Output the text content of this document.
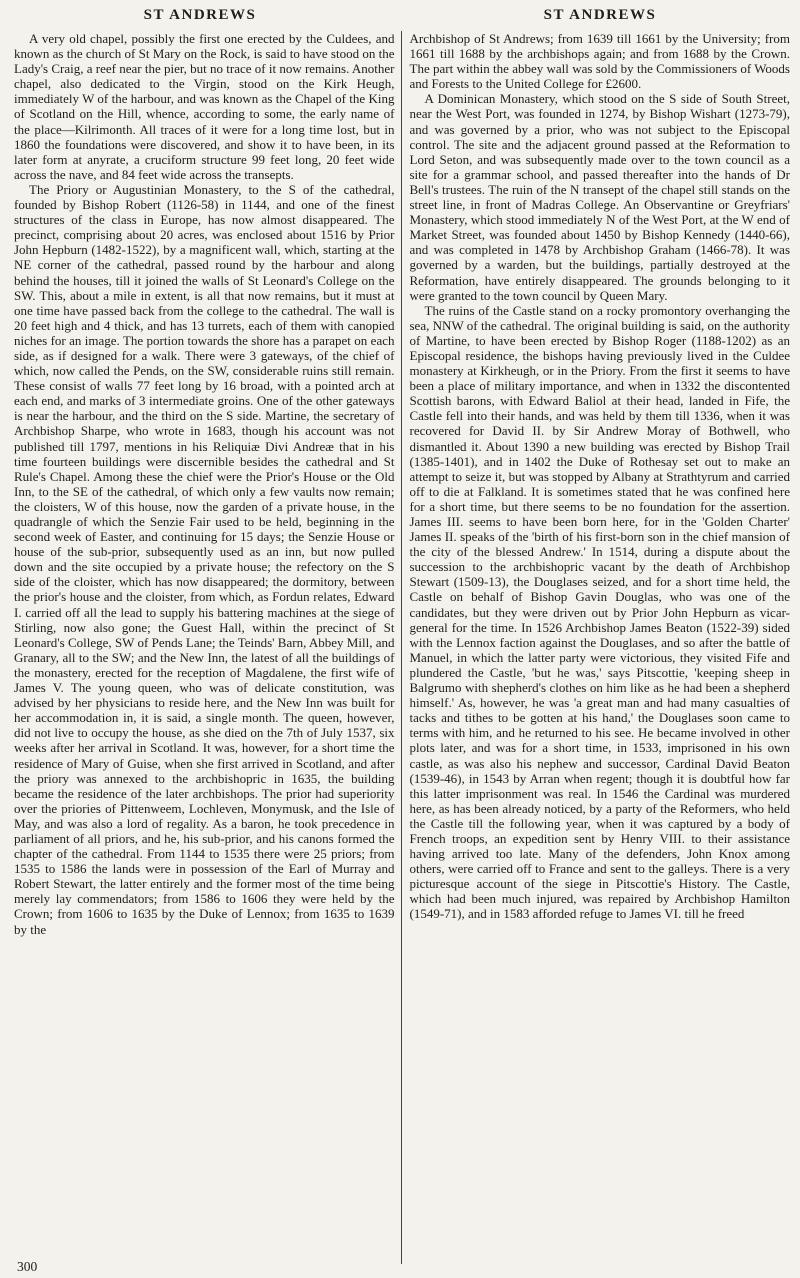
ST ANDREWS	ST ANDREWS

A very old chapel, possibly the first one erected by the Culdees, and known as the church of St Mary on the Rock, is said to have stood on the Lady's Craig, a reef near the pier, but no trace of it now remains. Another chapel, also dedicated to the Virgin, stood on the Kirk Heugh, immediately W of the harbour, and was known as the Chapel of the King of Scotland on the Hill, whence, according to some, the early name of the place—Kilrimonth. All traces of it were for a long time lost, but in 1860 the foundations were discovered, and show it to have been, in its later form at anyrate, a cruciform structure 99 feet long, 20 feet wide across the nave, and 84 feet wide across the transepts.

The Priory or Augustinian Monastery, to the S of the cathedral, founded by Bishop Robert (1126-58) in 1144, and one of the finest structures of the class in Europe, has now almost disappeared. The precinct, comprising about 20 acres, was enclosed about 1516 by Prior John Hepburn (1482-1522), by a magnificent wall, which, starting at the NE corner of the cathedral, passed round by the harbour and along behind the houses, till it joined the walls of St Leonard's College on the SW. This, about a mile in extent, is all that now remains, but it must at one time have passed back from the college to the cathedral. The wall is 20 feet high and 4 thick, and has 13 turrets, each of them with canopied niches for an image. The portion towards the shore has a parapet on each side, as if designed for a walk. There were 3 gateways, of the chief of which, now called the Pends, on the SW, considerable ruins still remain. These consist of walls 77 feet long by 16 broad, with a pointed arch at each end, and marks of 3 intermediate groins. One of the other gateways is near the harbour, and the third on the S side. Martine, the secretary of Archbishop Sharpe, who wrote in 1683, though his account was not published till 1797, mentions in his Reliquiæ Divi Andreæ that in his time fourteen buildings were discernible besides the cathedral and St Rule's Chapel. Among these the chief were the Prior's House or the Old Inn, to the SE of the cathedral, of which only a few vaults now remain; the cloisters, W of this house, now the garden of a private house, in the quadrangle of which the Senzie Fair used to be held, beginning in the second week of Easter, and continuing for 15 days; the Senzie House or house of the sub-prior, subsequently used as an inn, but now pulled down and the site occupied by a private house; the refectory on the S side of the cloister, which has now disappeared; the dormitory, between the prior's house and the cloister, from which, as Fordun relates, Edward I. carried off all the lead to supply his battering machines at the siege of Stirling, now also gone; the Guest Hall, within the precinct of St Leonard's College, SW of Pends Lane; the Teinds' Barn, Abbey Mill, and Granary, all to the SW; and the New Inn, the latest of all the buildings of the monastery, erected for the reception of Magdalene, the first wife of James V. The young queen, who was of delicate constitution, was advised by her physicians to reside here, and the New Inn was built for her accommodation in, it is said, a single month. The queen, however, did not live to occupy the house, as she died on the 7th of July 1537, six weeks after her arrival in Scotland. It was, however, for a short time the residence of Mary of Guise, when she first arrived in Scotland, and after the priory was annexed to the archbishopric in 1635, the building became the residence of the later archbishops. The prior had superiority over the priories of Pittenweem, Lochleven, Monymusk, and the Isle of May, and was also a lord of regality. As a baron, he took precedence in parliament of all priors, and he, his sub-prior, and his canons formed the chapter of the cathedral. From 1144 to 1535 there were 25 priors; from 1535 to 1586 the lands were in possession of the Earl of Murray and Robert Stewart, the latter entirely and the former most of the time being merely lay commendators; from 1586 to 1606 they were held by the Crown; from 1606 to 1635 by the Duke of Lennox; from 1635 to 1639 by the

Archbishop of St Andrews; from 1639 till 1661 by the University; from 1661 till 1688 by the archbishops again; and from 1688 by the Crown. The part within the abbey wall was sold by the Commissioners of Woods and Forests to the United College for £2600.

A Dominican Monastery, which stood on the S side of South Street, near the West Port, was founded in 1274, by Bishop Wishart (1273-79), and was governed by a prior, who was not subject to the Episcopal control. The site and the adjacent ground passed at the Reformation to Lord Seton, and was subsequently made over to the town council as a site for a grammar school, and passed thereafter into the hands of Dr Bell's trustees. The ruin of the N transept of the chapel still stands on the street line, in front of Madras College. An Observantine or Greyfriars' Monastery, which stood immediately N of the West Port, at the W end of Market Street, was founded about 1450 by Bishop Kennedy (1440-66), and was completed in 1478 by Archbishop Graham (1466-78). It was governed by a warden, but the buildings, partially destroyed at the Reformation, have entirely disappeared. The grounds belonging to it were granted to the town council by Queen Mary.

The ruins of the Castle stand on a rocky promontory overhanging the sea, NNW of the cathedral. The original building is said, on the authority of Martine, to have been erected by Bishop Roger (1188-1202) as an Episcopal residence, the bishops having previously lived in the Culdee monastery at Kirkheugh, or in the Priory. From the first it seems to have been a place of military importance, and when in 1332 the discontented Scottish barons, with Edward Baliol at their head, landed in Fife, the Castle fell into their hands, and was held by them till 1336, when it was recovered for David II. by Sir Andrew Moray of Bothwell, who dismantled it. About 1390 a new building was erected by Bishop Trail (1385-1401), and in 1402 the Duke of Rothesay set out to make an attempt to seize it, but was stopped by Albany at Strathtyrum and carried off to die at Falkland. It is sometimes stated that he was confined here for a short time, but there seems to be no foundation for the assertion. James III. seems to have been born here, for in the 'Golden Charter' James II. speaks of the 'birth of his first-born son in the chief mansion of the city of the blessed Andrew.' In 1514, during a dispute about the succession to the archbishopric vacant by the death of Archbishop Stewart (1509-13), the Douglases seized, and for a short time held, the Castle on behalf of Bishop Gavin Douglas, who was one of the candidates, but they were driven out by Prior John Hepburn as vicar-general for the time. In 1526 Archbishop James Beaton (1522-39) sided with the Lennox faction against the Douglases, and so after the battle of Manuel, in which the latter party were victorious, they visited Fife and plundered the Castle, 'but he was,' says Pitscottie, 'keeping sheep in Balgrumo with shepherd's clothes on him like as he had been a shepherd himself.' As, however, he was 'a great man and had many casualties of tacks and tithes to be gotten at his hand,' the Douglases soon came to terms with him, and he returned to his see. He became involved in other plots later, and was for a short time, in 1533, imprisoned in his own castle, as was also his nephew and successor, Cardinal David Beaton (1539-46), in 1543 by Arran when regent; though it is doubtful how far this latter imprisonment was real. In 1546 the Cardinal was murdered here, as has been already noticed, by a party of the Reformers, who held the Castle till the following year, when it was captured by a body of French troops, an expedition sent by Henry VIII. to their assistance having arrived too late. Many of the defenders, John Knox among others, were carried off to France and sent to the galleys. There is a very picturesque account of the siege in Pitscottie's History. The Castle, which had been much injured, was repaired by Archbishop Hamilton (1549-71), and in 1583 afforded refuge to James VI. till he freed

300
